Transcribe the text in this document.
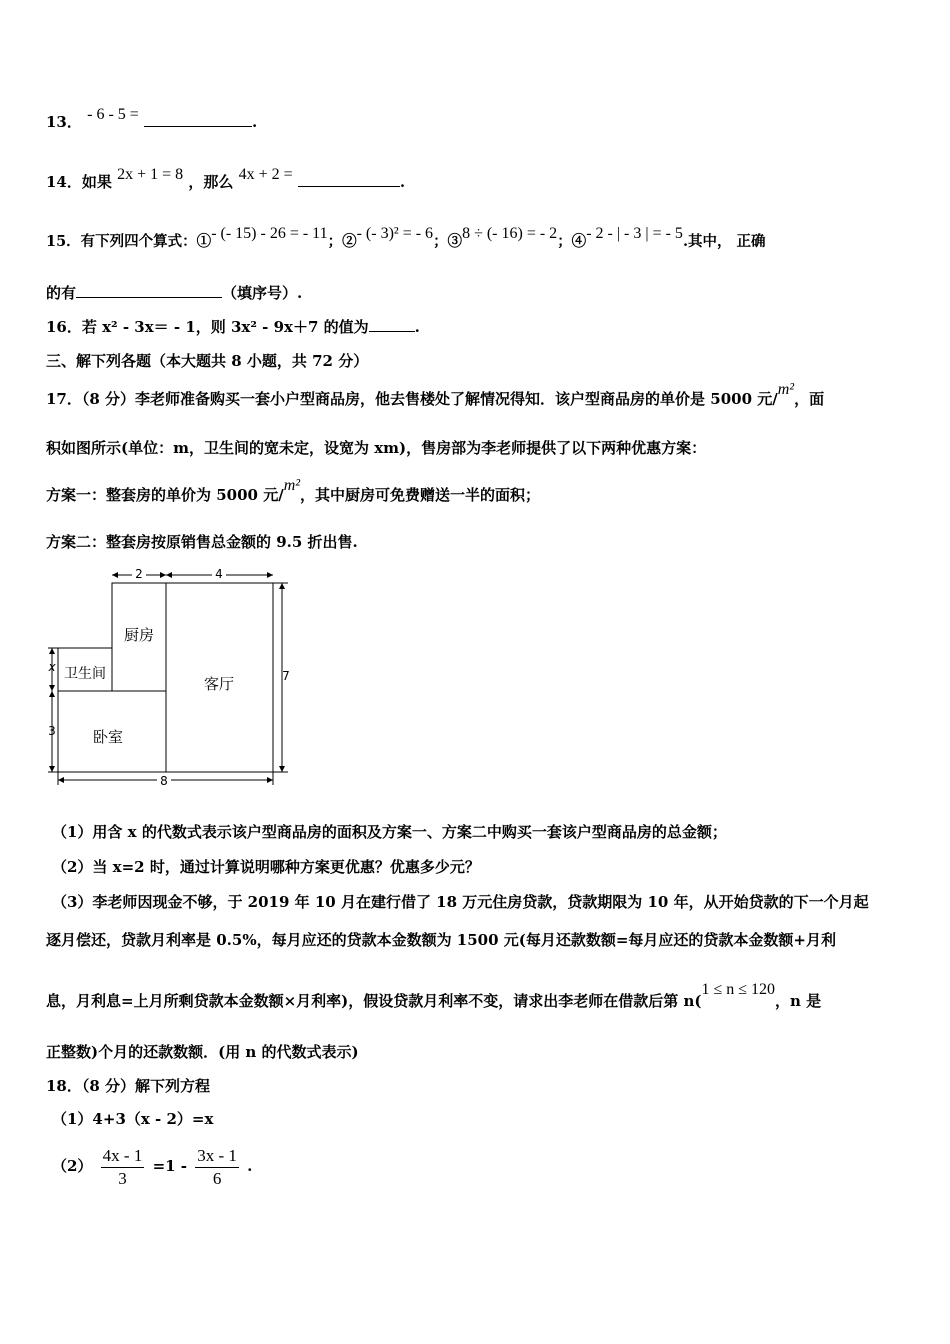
13． - 6 - 5 =	.
14．如果 2x + 1 = 8 ，那么 4x + 2 =	.
15．有下列四个算式：①- (- 15) - 26 = - 11；②- (- 3)² = - 6；③8 ÷ (- 16) = - 2；④- 2 - | - 3 | = - 5.其中， 正确
的有	（填序号）.
16．若 x² - 3x＝ - 1，则 3x² - 9x＋7 的值为	.
三、解下列各题（本大题共 8 小题，共 72 分）
17．（8 分）李老师准备购买一套小户型商品房，他去售楼处了解情况得知．该户型商品房的单价是 5000 元/m²，面
积如图所示(单位：m，卫生间的宽未定，设宽为 xm)，售房部为李老师提供了以下两种优惠方案：
方案一：整套房的单价为 5000 元/m²，其中厨房可免费赠送一半的面积；
方案二：整套房按原销售总金额的 9.5 折出售.
厨房
客厅
卫生间
卧室
2	4
7
x
3
8
（1）用含 x 的代数式表示该户型商品房的面积及方案一、方案二中购买一套该户型商品房的总金额；
（2）当 x=2 时，通过计算说明哪种方案更优惠？优惠多少元？
（3）李老师因现金不够，于 2019 年 10 月在建行借了 18 万元住房贷款，贷款期限为 10 年，从开始贷款的下一个月起
逐月偿还，贷款月利率是 0.5%，每月应还的贷款本金数额为 1500 元(每月还款数额=每月应还的贷款本金数额+月利
息，月利息=上月所剩贷款本金数额×月利率)，假设贷款月利率不变，请求出李老师在借款后第 n(1 ≤ n ≤ 120，n 是
正整数)个月的还款数额．(用 n 的代数式表示)
18．（8 分）解下列方程
（1）4+3（x - 2）=x
$(2) \frac{4x - 1}{3} =1 - \frac{3x - 1}{6}$ .
